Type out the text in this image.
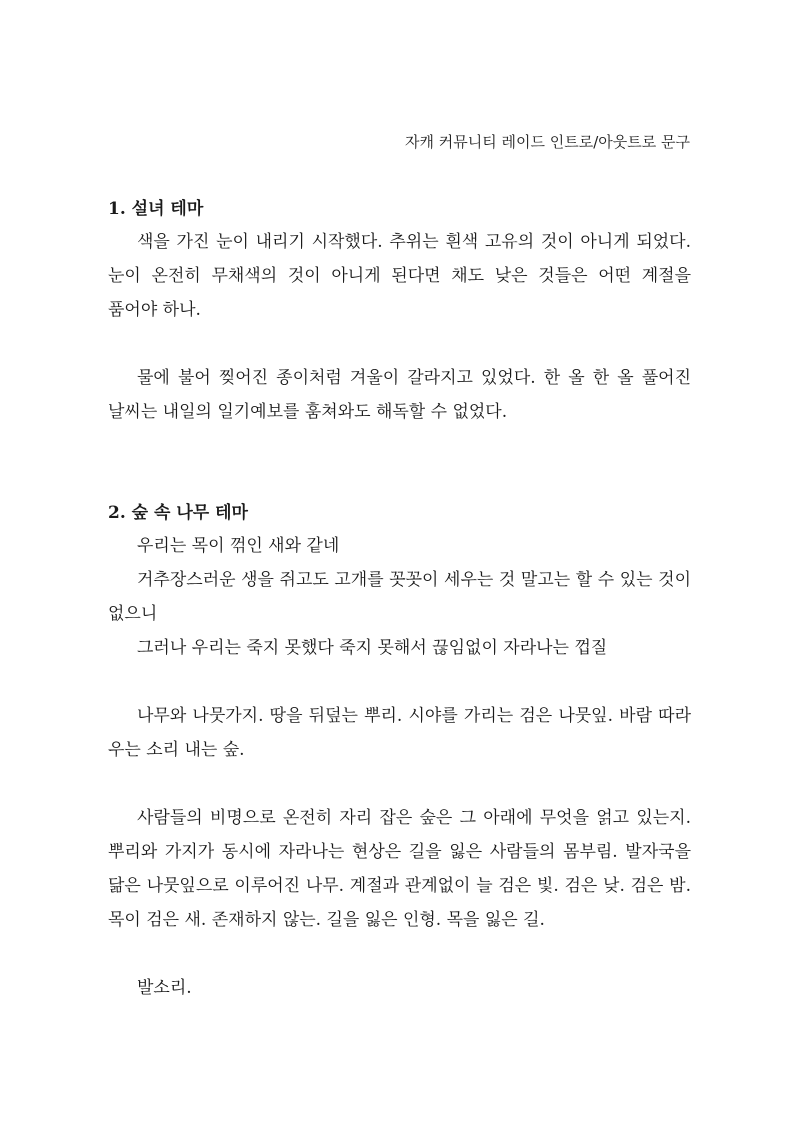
자캐 커뮤니티 레이드 인트로/아웃트로 문구
1. 설녀 테마

색을 가진 눈이 내리기 시작했다. 추위는 흰색 고유의 것이 아니게 되었다. 눈이 온전히 무채색의 것이 아니게 된다면 채도 낮은 것들은 어떤 계절을 품어야 하나.

물에 불어 찢어진 종이처럼 겨울이 갈라지고 있었다. 한 올 한 올 풀어진 날씨는 내일의 일기예보를 훔쳐와도 해독할 수 없었다.

2. 숲 속 나무 테마

우리는 목이 꺾인 새와 같네

거추장스러운 생을 쥐고도 고개를 꼿꼿이 세우는 것 말고는 할 수 있는 것이 없으니

그러나 우리는 죽지 못했다 죽지 못해서 끊임없이 자라나는 껍질

나무와 나뭇가지. 땅을 뒤덮는 뿌리. 시야를 가리는 검은 나뭇잎. 바람 따라 우는 소리 내는 숲.

사람들의 비명으로 온전히 자리 잡은 숲은 그 아래에 무엇을 얽고 있는지. 뿌리와 가지가 동시에 자라나는 현상은 길을 잃은 사람들의 몸부림. 발자국을 닮은 나뭇잎으로 이루어진 나무. 계절과 관계없이 늘 검은 빛. 검은 낮. 검은 밤. 목이 검은 새. 존재하지 않는. 길을 잃은 인형. 목을 잃은 길.

발소리.
